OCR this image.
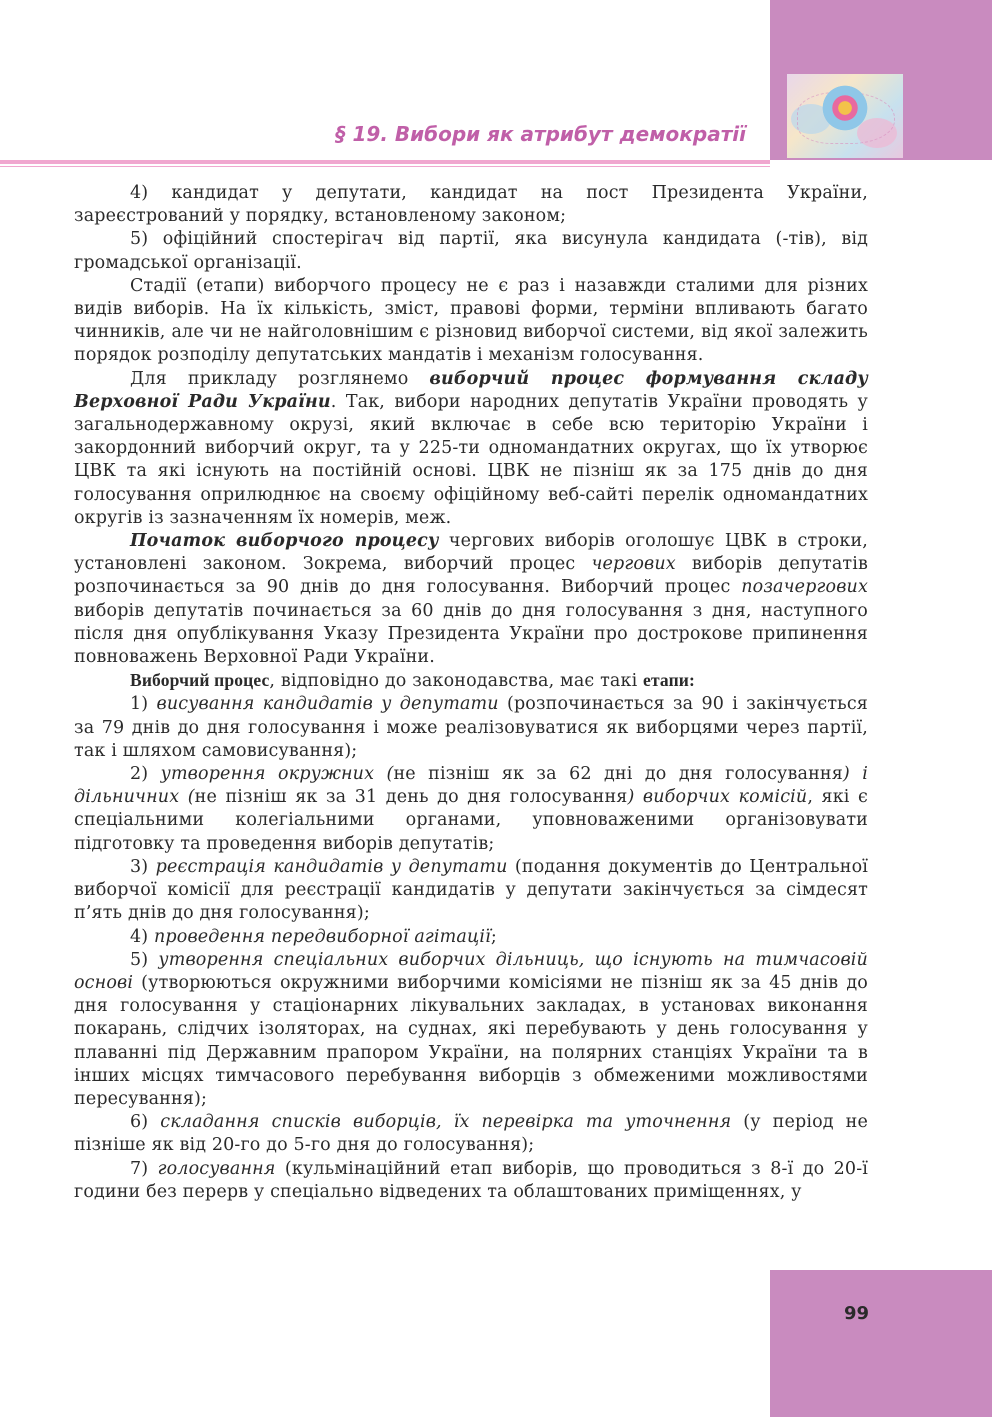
§ 19. Вибори як атрибут демократії

4) кандидат у депутати, кандидат на пост Президента України, зареєстрований у порядку, встановленому законом;

5) офіційний спостерігач від партії, яка висунула кандидата (-тів), від громадської організації.

Стадії (етапи) виборчого процесу не є раз і назавжди сталими для різних видів виборів. На їх кількість, зміст, правові форми, терміни впливають багато чинників, але чи не найголовнішим є різновид виборчої системи, від якої залежить порядок розподілу депутатських мандатів і механізм голосування.

Для прикладу розглянемо виборчий процес формування складу Верховної Ради України. Так, вибори народних депутатів України проводять у загальнодержавному окрузі, який включає в себе всю територію України і закордонний виборчий округ, та у 225-ти одномандатних округах, що їх утворює ЦВК та які існують на постійній основі. ЦВК не пізніш як за 175 днів до дня голосування оприлюднює на своєму офіційному веб-сайті перелік одномандатних округів із зазначенням їх номерів, меж.

Початок виборчого процесу чергових виборів оголошує ЦВК в строки, установлені законом. Зокрема, виборчий процес чергових виборів депутатів розпочинається за 90 днів до дня голосування. Виборчий процес позачергових виборів депутатів починається за 60 днів до дня голосування з дня, наступного після дня опублікування Указу Президента України про дострокове припинення повноважень Верховної Ради України.

Виборчий процес, відповідно до законодавства, має такі етапи:

1) висування кандидатів у депутати (розпочинається за 90 і закінчується за 79 днів до дня голосування і може реалізовуватися як виборцями через партії, так і шляхом самовисування);

2) утворення окружних (не пізніш як за 62 дні до дня голосування) і дільничних (не пізніш як за 31 день до дня голосування) виборчих комісій, які є спеціальними колегіальними органами, уповноваженими організовувати підготовку та проведення виборів депутатів;

3) реєстрація кандидатів у депутати (подання документів до Центральної виборчої комісії для реєстрації кандидатів у депутати закінчується за сімдесят п’ять днів до дня голосування);

4) проведення передвиборної агітації;

5) утворення спеціальних виборчих дільниць, що існують на тимчасовій основі (утворюються окружними виборчими комісіями не пізніш як за 45 днів до дня голосування у стаціонарних лікувальних закладах, в установах виконання покарань, слідчих ізоляторах, на суднах, які перебувають у день голосування у плаванні під Державним прапором України, на полярних станціях України та в інших місцях тимчасового перебування виборців з обмеженими можливостями пересування);

6) складання списків виборців, їх перевірка та уточнення (у період не пізніше як від 20-го до 5-го дня до голосування);

7) голосування (кульмінаційний етап виборів, що проводиться з 8-ї до 20-ї години без перерв у спеціально відведених та облаштованих приміщеннях, у

99
